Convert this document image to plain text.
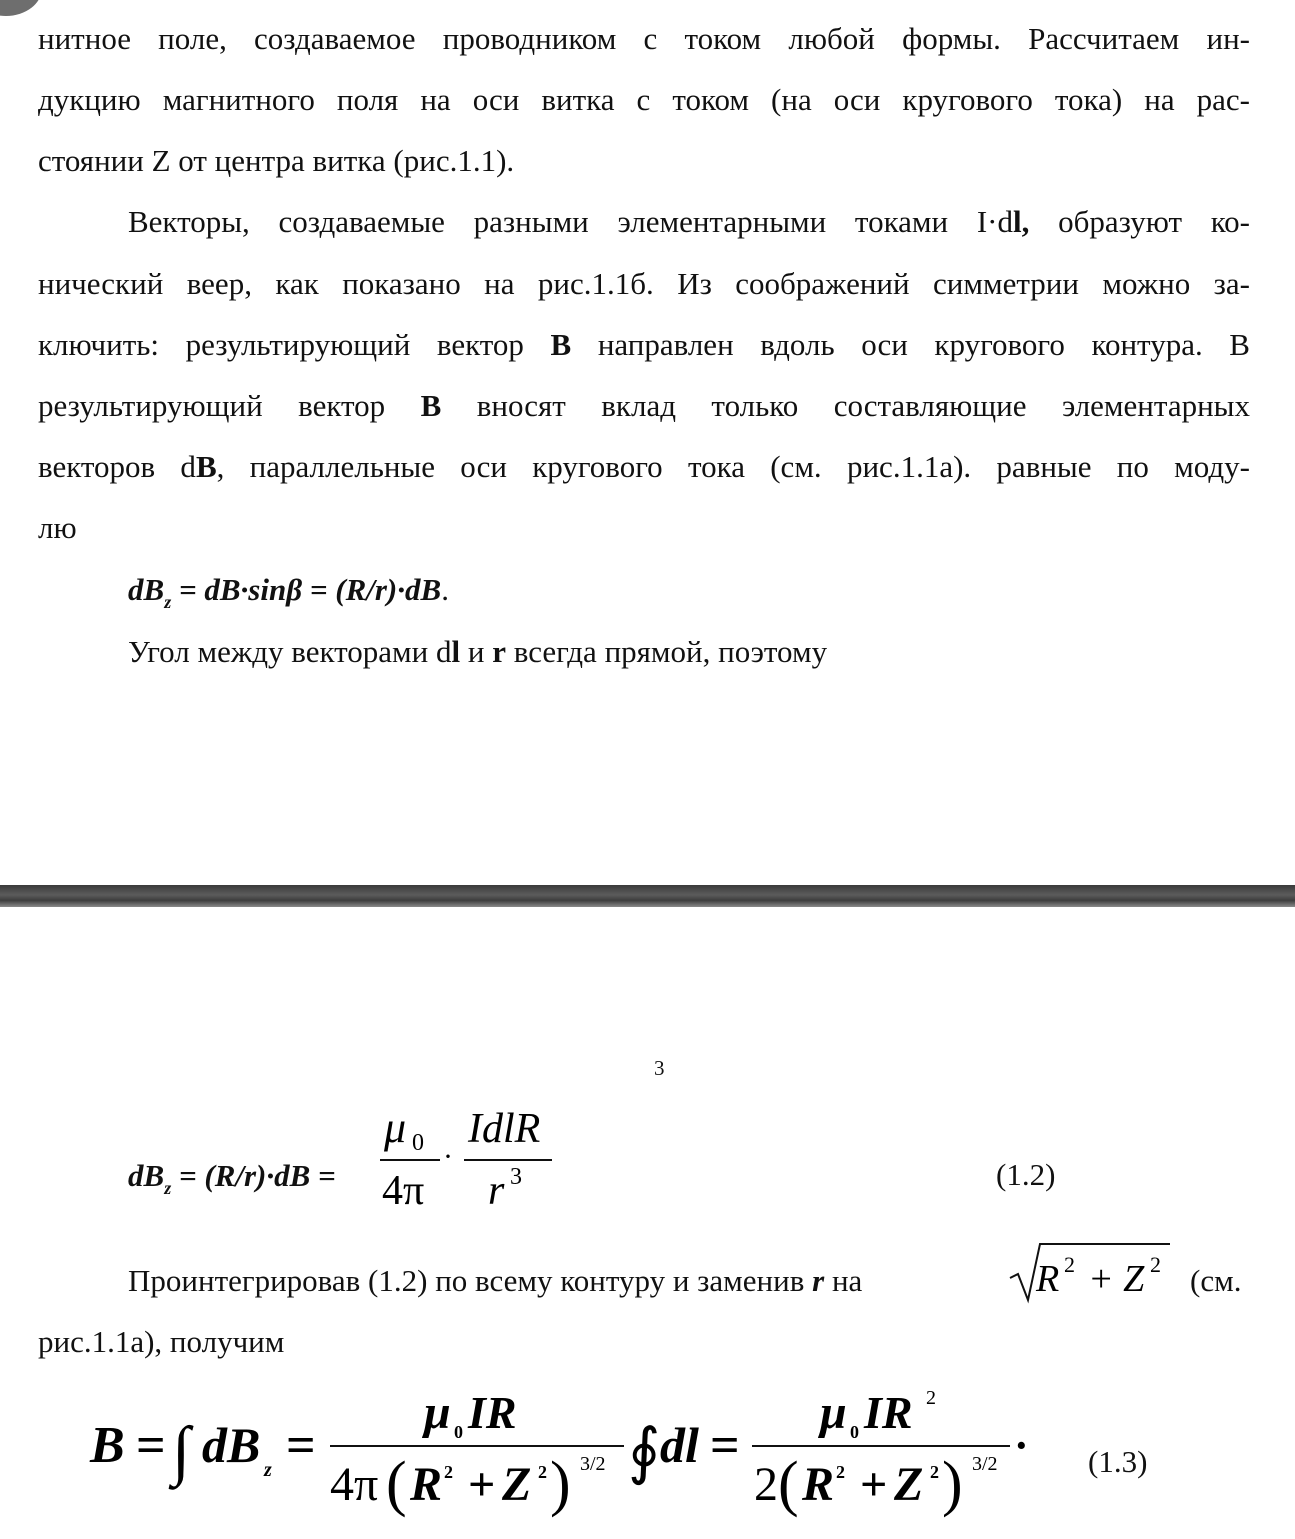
нитное поле, создаваемое проводником с током любой формы. Рассчитаем ин-
дукцию магнитного поля на оси витка с током (на оси кругового тока) на рас-
стоянии Z от центра витка (рис.1.1).
Векторы, создаваемые разными элементарными токами I·dl, образуют ко-
нический веер, как показано на рис.1.1б. Из соображений симметрии можно за-
ключить: результирующий вектор B направлен вдоль оси кругового контура. В
результирующий вектор B вносят вклад только составляющие элементарных
векторов dB, параллельные оси кругового тока (см. рис.1.1а). равные по моду-
лю
$dB_z = dB\cdot\sin\beta = (R/r)\cdot dB$.
Угол между векторами dl и r всегда прямой, поэтому
3
$dB_z = (R/r)\cdot dB$ =
μ 0
4π
·
IdlR
r 3	(1.2)
Проинтегрировав (1.2) по всему контуру и заменив r на	R 2 + Z 2 (см.
рис.1.1а), получим
B = ∫ dB z =
μ 0 IR
4π ( R 2 + Z 2 ) 3/2 ∮ dl =
μ 0 IR 2
2 ( R 2 + Z 2 ) 3/2 · (1.3)
